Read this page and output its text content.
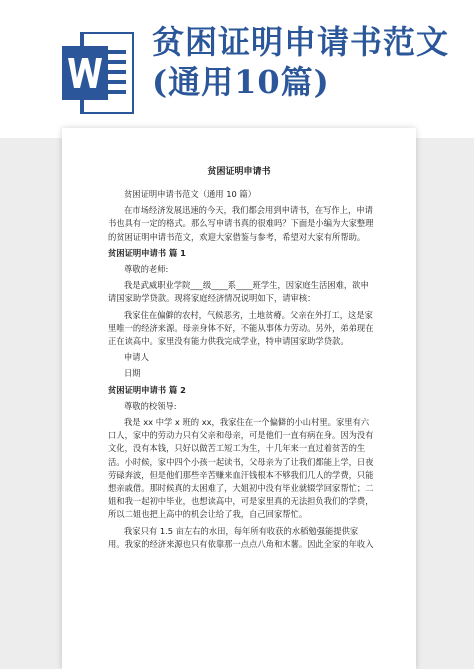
贫困证明申请书范文(通用10篇)
贫困证明申请书

贫困证明申请书范文（通用 10 篇）

在市场经济发展迅速的今天，我们都会用到申请书，在写作上，申请书也具有一定的格式。那么写申请书真的很难吗？下面是小编为大家整理的贫困证明申请书范文，欢迎大家借鉴与参考，希望对大家有所帮助。

贫困证明申请书 篇 1

尊敬的老师:

我是武威职业学院___级____系____班学生，因家庭生活困难，欲申请国家助学贷款。现将家庭经济情况说明如下，请审核：

我家住在偏僻的农村，气候恶劣，土地贫瘠。父亲在外打工，这是家里唯一的经济来源。母亲身体不好，不能从事体力劳动。另外，弟弟现在正在读高中。家里没有能力供我完成学业，特申请国家助学贷款。

申请人

日期

贫困证明申请书 篇 2

尊敬的校领导:

我是 xx 中学 x 班的 xx，我家住在一个偏僻的小山村里。家里有六口人，家中的劳动力只有父亲和母亲，可是他们一直有病在身。因为没有文化，没有本钱，只好以做苦工短工为生，十几年来一直过着贫苦的生活。小时候，家中四个小孩一起读书，父母亲为了让我们都能上学，日夜劳碌奔波，但是他们那些辛苦赚来血汗钱根本不够我们几人的学费，只能想亲戚借。那时候真的太困难了，大姐初中没有毕业就辍学回家帮忙；二姐和我一起初中毕业，也想读高中，可是家里真的无法担负我们的学费，所以二姐也把上高中的机会让给了我，自己回家帮忙。

我家只有 1.5 亩左右的水田，每年所有收获的水稻勉强能提供家用。我家的经济来源也只有依靠那一点点八角和木薯。因此全家的年收入
